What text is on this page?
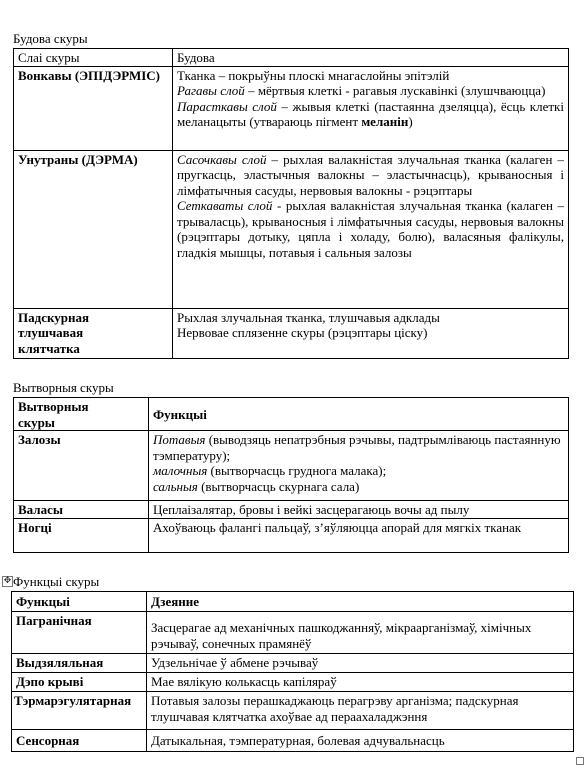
Будова скуры
Слаі скуры	Будова
Вонкавы (ЭПІДЭРМІС)	Тканка – покрыўны плоскі мнагаслойны эпітэлій
Рагавы слой – мёртвыя клеткі - рагавыя лускавінкі (злушчваюцца)
Парасткавы слой – жывыя клеткі (пастаянна дзеляцца), ёсць клеткі меланацыты (утвараюць пігмент меланін)

Унутраны (ДЭРМА)	Сасочкавы слой – рыхлая валакністая злучальная тканка (калаген – пругкасць, эластычныя валокны – эластычнасць), крываносныя і лімфатычныя сасуды, нервовыя валокны - рэцэптары
Сеткаваты слой - рыхлая валакністая злучальная тканка (калаген – трываласць), крываносныя і лімфатычныя сасуды, нервовыя валокны (рэцэптары дотыку, цяпла і холаду, болю), валасяныя фалікулы, гладкія мышцы, потавыя і сальныя залозы

Падскурная тлушчавая клятчатка	Рыхлая злучальная тканка, тлушчавыя адклады
Нервовае сплязенне скуры (рэцэптары ціску)
Вытворныя скуры
Вытворныя скуры	Функцыі
Залозы	Потавыя (выводзяць непатрэбныя рэчывы, падтрымліваюць пастаянную тэмпературу);
малочныя (вытворчасць груднога малака);
сальныя (вытворчасць скурнага сала)

Валасы	Цеплаізалятар, бровы і вейкі засцерагаюць вочы ад пылу
Ногці	Ахоўваюць фалангі пальцаў, з’яўляюцца апорай для мягкіх тканак
✥ Функцыі скуры
Функцыі	Дзеянне
Пагранічная	Засцерагае ад механічных пашкоджанняў, мікраарганізмаў, хімічных рэчываў, сонечных прамянёў
Выдзяляльная	Удзельнічае ў абмене рэчываў
Дэпо крыві	Мае вялікую колькасць капіляраў
Тэрмарэгулятарная	Потавыя залозы перашкаджаюць перагрэву арганізма; падскурная тлушчавая клятчатка ахоўвае ад пераахаладжэння
Сенсорная	Датыкальная, тэмпературная, болевая адчувальнасць
